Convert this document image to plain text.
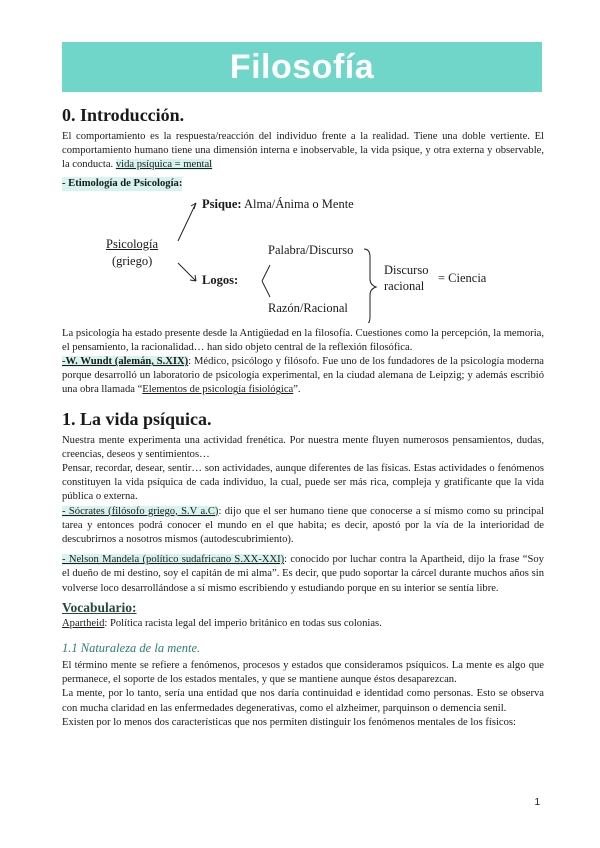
Filosofía
0. Introducción.

El comportamiento es la respuesta/reacción del individuo frente a la realidad. Tiene una doble vertiente. El comportamiento humano tiene una dimensión interna e inobservable, la vida psique, y otra externa y observable, la conducta. vida psíquica = mental

- Etimología de Psicología:

Psicología
(griego)
Psique: Alma/Ánima o Mente
Logos:
Palabra/Discurso
Razón/Racional
Discurso
racional
= Ciencia

La psicología ha estado presente desde la Antigüedad en la filosofía. Cuestiones como la percepción, la memoria, el pensamiento, la racionalidad… han sido objeto central de la reflexión filosófica.

-W. Wundt (alemán, S.XIX): Médico, psicólogo y filósofo. Fue uno de los fundadores de la psicología moderna porque desarrolló un laboratorio de psicología experimental, en la ciudad alemana de Leipzig; y además escribió una obra llamada “Elementos de psicología fisiológica”.

1. La vida psíquica.

Nuestra mente experimenta una actividad frenética. Por nuestra mente fluyen numerosos pensamientos, dudas, creencias, deseos y sentimientos…

Pensar, recordar, desear, sentir… son actividades, aunque diferentes de las físicas. Estas actividades o fenómenos constituyen la vida psíquica de cada individuo, la cual, puede ser más rica, compleja y gratificante que la vida pública o externa.

- Sócrates (filósofo griego, S.V a.C): dijo que el ser humano tiene que conocerse a sí mismo como su principal tarea y entonces podrá conocer el mundo en el que habita; es decir, apostó por la vía de la interioridad de descubrirnos a nosotros mismos (autodescubrimiento).

- Nelson Mandela (político sudafricano S.XX-XXI): conocido por luchar contra la Apartheid, dijo la frase “Soy el dueño de mi destino, soy el capitán de mi alma”. Es decir, que pudo soportar la cárcel durante muchos años sin volverse loco desarrollándose a sí mismo escribiendo y estudiando porque en su interior se sentía libre.

Vocabulario:

Apartheid: Política racista legal del imperio británico en todas sus colonias.

1.1 Naturaleza de la mente.

El término mente se refiere a fenómenos, procesos y estados que consideramos psíquicos. La mente es algo que permanece, el soporte de los estados mentales, y que se mantiene aunque éstos desaparezcan.

La mente, por lo tanto, sería una entidad que nos daría continuidad e identidad como personas. Esto se observa con mucha claridad en las enfermedades degenerativas, como el alzheimer, parquinson o demencia senil.

Existen por lo menos dos características que nos permiten distinguir los fenómenos mentales de los físicos:

1
